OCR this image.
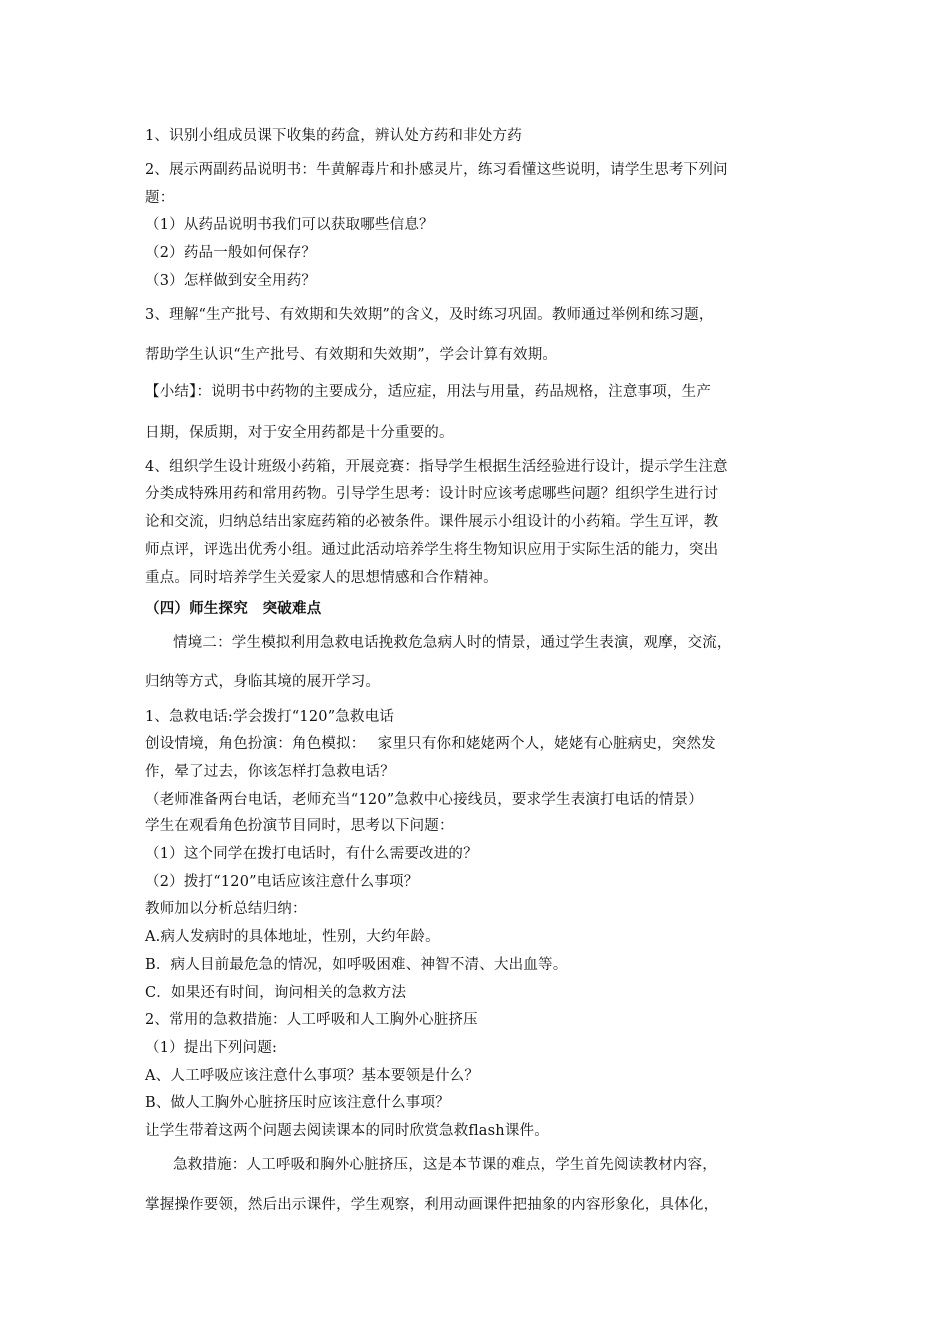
1、识别小组成员课下收集的药盒，辨认处方药和非处方药
2、展示两副药品说明书：牛黄解毒片和扑感灵片，练习看懂这些说明，请学生思考下列问
题：
（1）从药品说明书我们可以获取哪些信息？
（2）药品一般如何保存？
（3）怎样做到安全用药？
3、理解“生产批号、有效期和失效期”的含义，及时练习巩固。教师通过举例和练习题，
帮助学生认识“生产批号、有效期和失效期”，学会计算有效期。
【小结】：说明书中药物的主要成分，适应症，用法与用量，药品规格，注意事项，生产
日期，保质期，对于安全用药都是十分重要的。
4、组织学生设计班级小药箱，开展竞赛：指导学生根据生活经验进行设计，提示学生注意
分类成特殊用药和常用药物。引导学生思考：设计时应该考虑哪些问题？组织学生进行讨
论和交流，归纳总结出家庭药箱的必被条件。课件展示小组设计的小药箱。学生互评，教
师点评，评选出优秀小组。通过此活动培养学生将生物知识应用于实际生活的能力，突出
重点。同时培养学生关爱家人的思想情感和合作精神。
（四）师生探究　突破难点
情境二：学生模拟利用急救电话挽救危急病人时的情景，通过学生表演，观摩，交流，
归纳等方式，身临其境的展开学习。
1、急救电话:学会拨打“120”急救电话
创设情境，角色扮演：角色模拟：　 家里只有你和姥姥两个人，姥姥有心脏病史，突然发
作，晕了过去，你该怎样打急救电话？
（老师准备两台电话，老师充当“120”急救中心接线员，要求学生表演打电话的情景）
学生在观看角色扮演节目同时，思考以下问题：
（1）这个同学在拨打电话时，有什么需要改进的？
（2）拨打“120”电话应该注意什么事项？
教师加以分析总结归纳：
A.病人发病时的具体地址，性别，大约年龄。
B．病人目前最危急的情况，如呼吸困难、神智不清、大出血等。
C．如果还有时间，询问相关的急救方法
2、常用的急救措施：人工呼吸和人工胸外心脏挤压
（1）提出下列问题:
A、人工呼吸应该注意什么事项？基本要领是什么？
B、做人工胸外心脏挤压时应该注意什么事项？
让学生带着这两个问题去阅读课本的同时欣赏急救flash课件。
急救措施：人工呼吸和胸外心脏挤压，这是本节课的难点，学生首先阅读教材内容，
掌握操作要领，然后出示课件，学生观察，利用动画课件把抽象的内容形象化，具体化，
